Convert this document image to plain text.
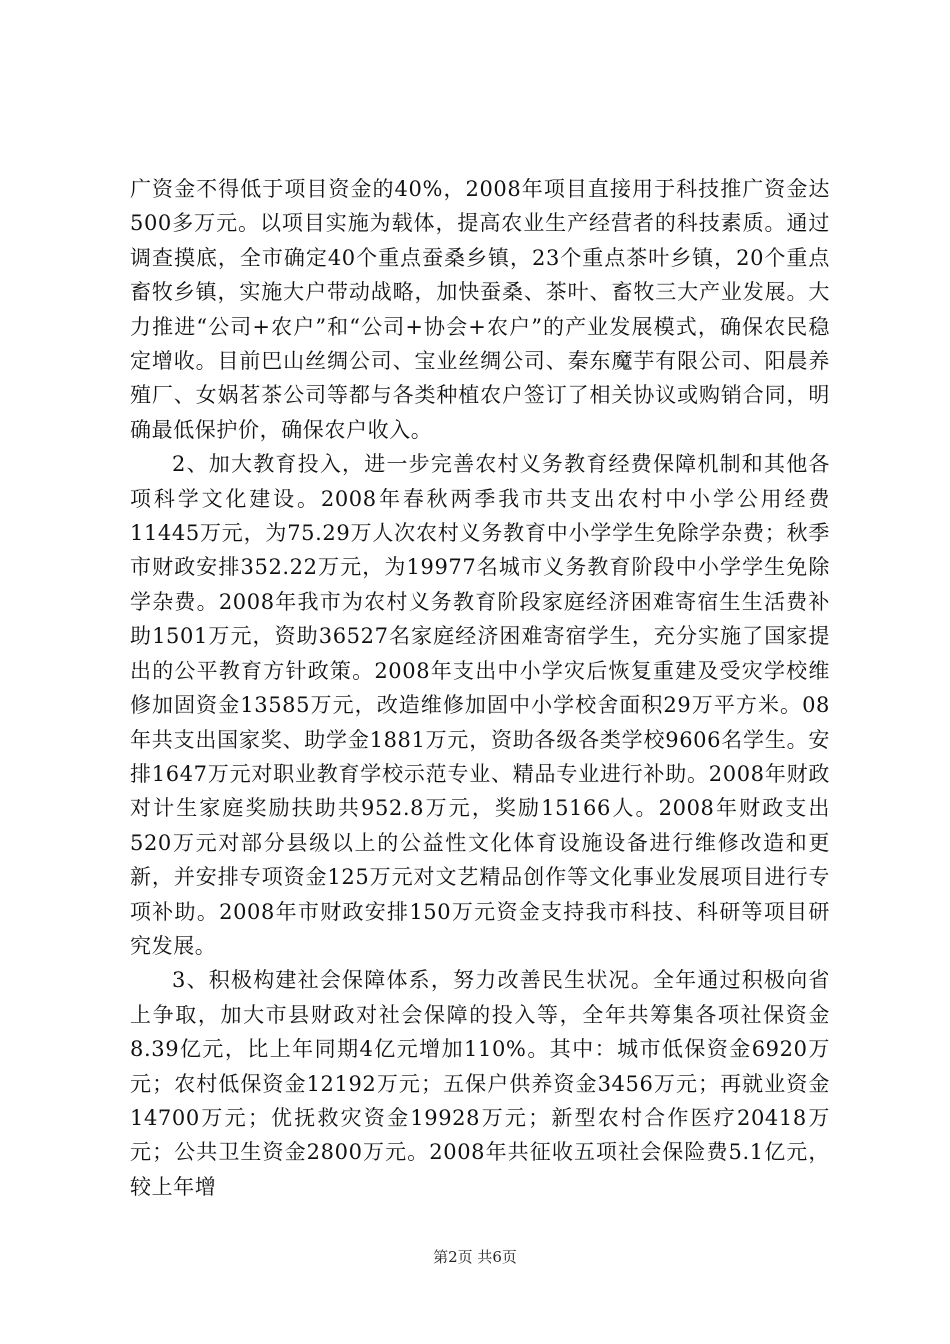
广资金不得低于项目资金的40%，2008年项目直接用于科技推广资金达500多万元。以项目实施为载体，提高农业生产经营者的科技素质。通过调查摸底，全市确定40个重点蚕桑乡镇，23个重点茶叶乡镇，20个重点畜牧乡镇，实施大户带动战略，加快蚕桑、茶叶、畜牧三大产业发展。大力推进“公司+农户”和“公司+协会+农户”的产业发展模式，确保农民稳定增收。目前巴山丝绸公司、宝业丝绸公司、秦东魔芋有限公司、阳晨养殖厂、女娲茗茶公司等都与各类种植农户签订了相关协议或购销合同，明确最低保护价，确保农户收入。

2、加大教育投入，进一步完善农村义务教育经费保障机制和其他各项科学文化建设。2008年春秋两季我市共支出农村中小学公用经费11445万元，为75.29万人次农村义务教育中小学学生免除学杂费；秋季市财政安排352.22万元，为19977名城市义务教育阶段中小学学生免除学杂费。2008年我市为农村义务教育阶段家庭经济困难寄宿生生活费补助1501万元，资助36527名家庭经济困难寄宿学生，充分实施了国家提出的公平教育方针政策。2008年支出中小学灾后恢复重建及受灾学校维修加固资金13585万元，改造维修加固中小学校舍面积29万平方米。08年共支出国家奖、助学金1881万元，资助各级各类学校9606名学生。安排1647万元对职业教育学校示范专业、精品专业进行补助。2008年财政对计生家庭奖励扶助共952.8万元，奖励15166人。2008年财政支出520万元对部分县级以上的公益性文化体育设施设备进行维修改造和更新，并安排专项资金125万元对文艺精品创作等文化事业发展项目进行专项补助。2008年市财政安排150万元资金支持我市科技、科研等项目研究发展。

3、积极构建社会保障体系，努力改善民生状况。全年通过积极向省上争取，加大市县财政对社会保障的投入等，全年共筹集各项社保资金8.39亿元，比上年同期4亿元增加110%。其中：城市低保资金6920万元；农村低保资金12192万元；五保户供养资金3456万元；再就业资金14700万元；优抚救灾资金19928万元；新型农村合作医疗20418万元；公共卫生资金2800万元。2008年共征收五项社会保险费5.1亿元，较上年增

第2页 共6页
